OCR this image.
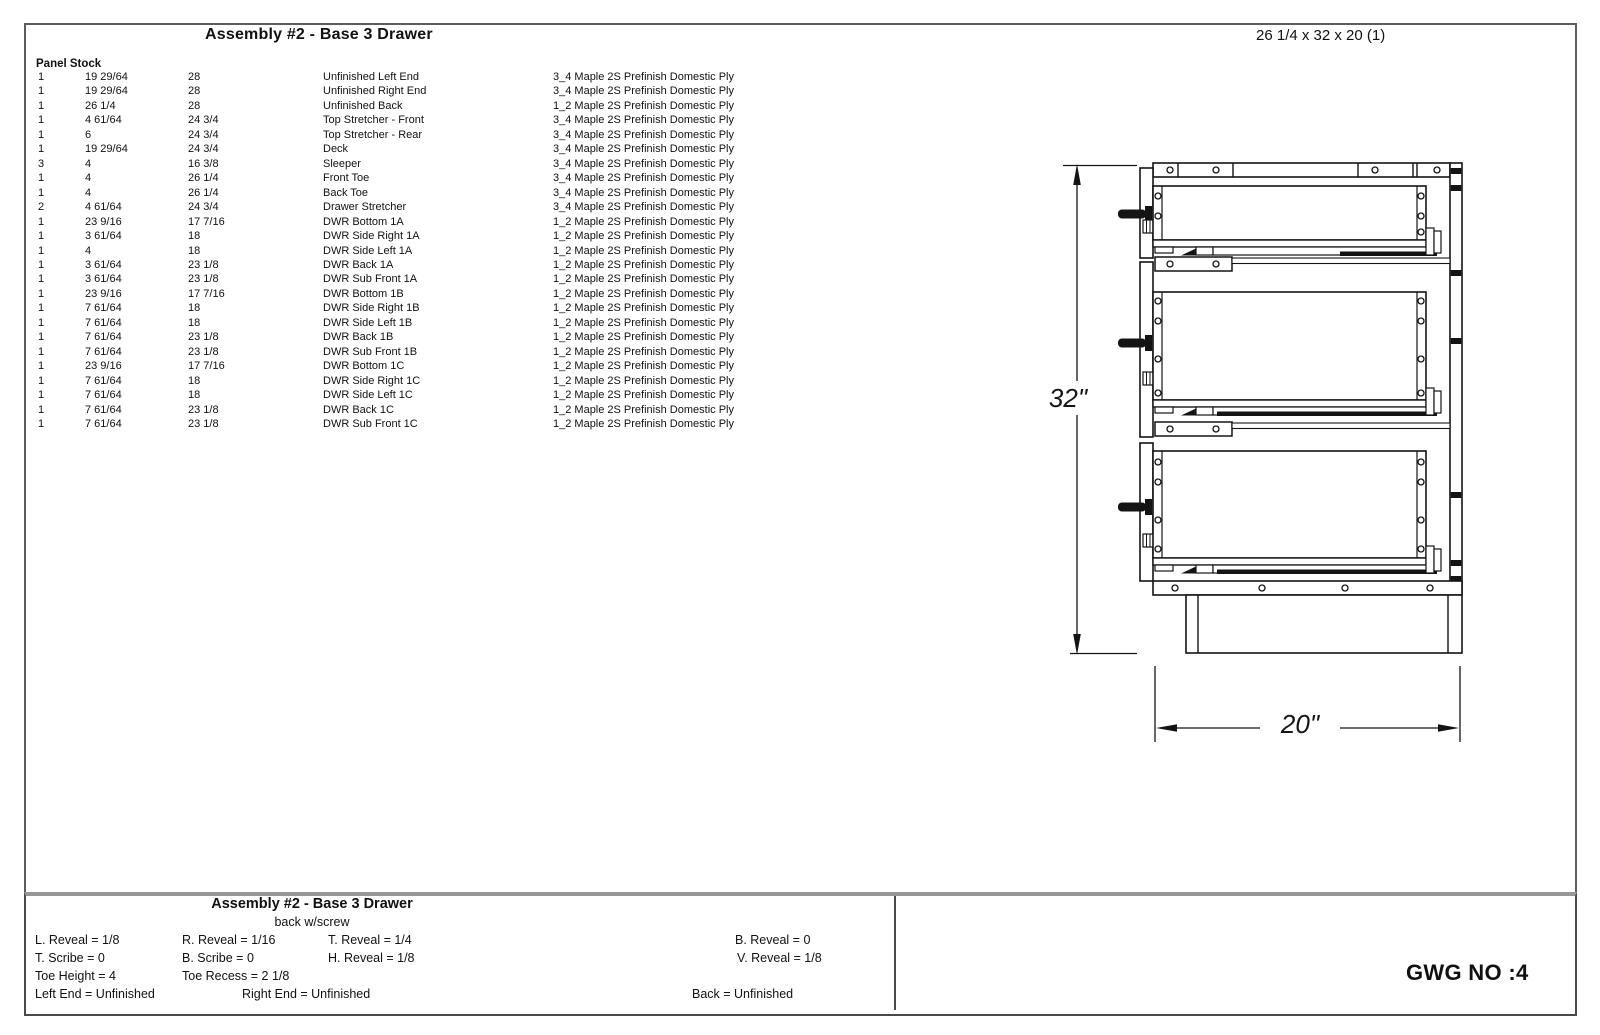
Assembly #2 - Base 3 Drawer	26 1/4 x 32 x 20 (1)
Panel Stock
1	19 29/64	28	Unfinished Left End	3_4 Maple 2S Prefinish Domestic Ply
1	19 29/64	28	Unfinished Right End	3_4 Maple 2S Prefinish Domestic Ply
1	26 1/4	28	Unfinished Back	1_2 Maple 2S Prefinish Domestic Ply
1	4 61/64	24 3/4	Top Stretcher - Front	3_4 Maple 2S Prefinish Domestic Ply
1	6	24 3/4	Top Stretcher - Rear	3_4 Maple 2S Prefinish Domestic Ply
1	19 29/64	24 3/4	Deck	3_4 Maple 2S Prefinish Domestic Ply
3	4	16 3/8	Sleeper	3_4 Maple 2S Prefinish Domestic Ply
1	4	26 1/4	Front Toe	3_4 Maple 2S Prefinish Domestic Ply
1	4	26 1/4	Back Toe	3_4 Maple 2S Prefinish Domestic Ply
2	4 61/64	24 3/4	Drawer Stretcher	3_4 Maple 2S Prefinish Domestic Ply
1	23 9/16	17 7/16	DWR Bottom 1A	1_2 Maple 2S Prefinish Domestic Ply
1	3 61/64	18	DWR Side Right 1A	1_2 Maple 2S Prefinish Domestic Ply
1	4	18	DWR Side Left 1A	1_2 Maple 2S Prefinish Domestic Ply
1	3 61/64	23 1/8	DWR Back 1A	1_2 Maple 2S Prefinish Domestic Ply
1	3 61/64	23 1/8	DWR Sub Front 1A	1_2 Maple 2S Prefinish Domestic Ply
1	23 9/16	17 7/16	DWR Bottom 1B	1_2 Maple 2S Prefinish Domestic Ply
1	7 61/64	18	DWR Side Right 1B	1_2 Maple 2S Prefinish Domestic Ply
1	7 61/64	18	DWR Side Left 1B	1_2 Maple 2S Prefinish Domestic Ply
1	7 61/64	23 1/8	DWR Back 1B	1_2 Maple 2S Prefinish Domestic Ply
1	7 61/64	23 1/8	DWR Sub Front 1B	1_2 Maple 2S Prefinish Domestic Ply
1	23 9/16	17 7/16	DWR Bottom 1C	1_2 Maple 2S Prefinish Domestic Ply
1	7 61/64	18	DWR Side Right 1C	1_2 Maple 2S Prefinish Domestic Ply
1	7 61/64	18	DWR Side Left 1C	1_2 Maple 2S Prefinish Domestic Ply
1	7 61/64	23 1/8	DWR Back 1C	1_2 Maple 2S Prefinish Domestic Ply
1	7 61/64	23 1/8	DWR Sub Front 1C	1_2 Maple 2S Prefinish Domestic Ply
32"
20"
Assembly #2 - Base 3 Drawer
back w/screw
L. Reveal = 1/8	R. Reveal = 1/16	T. Reveal = 1/4	B. Reveal = 0
T. Scribe = 0	B. Scribe = 0	H. Reveal = 1/8	V. Reveal = 1/8
Toe Height = 4	Toe Recess = 2 1/8
Left End = Unfinished	Right End = Unfinished	Back = Unfinished
GWG NO :4
